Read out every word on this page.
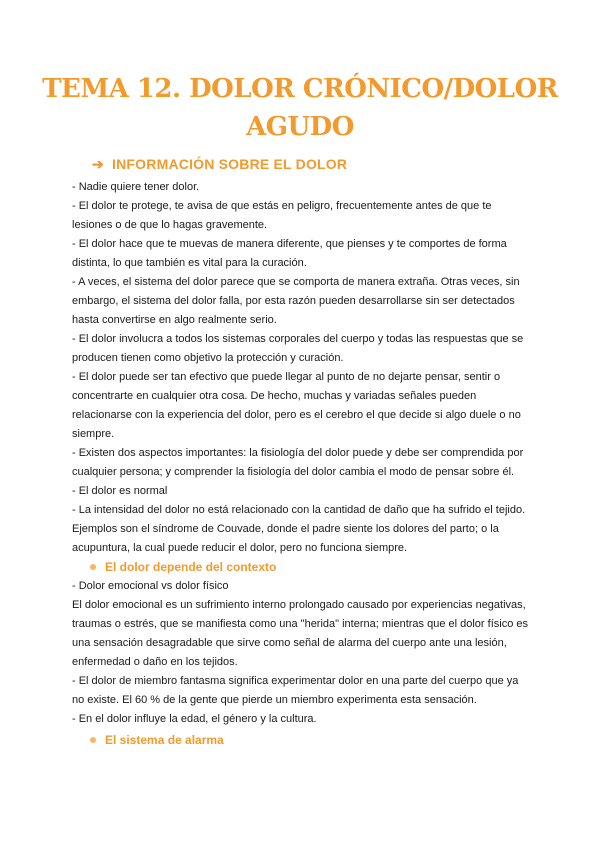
TEMA 12. DOLOR CRÓNICO/DOLOR AGUDO
➔ INFORMACIÓN SOBRE EL DOLOR

- Nadie quiere tener dolor.

- El dolor te protege, te avisa de que estás en peligro, frecuentemente antes de que te lesiones o de que lo hagas gravemente.

- El dolor hace que te muevas de manera diferente, que pienses y te comportes de forma distinta, lo que también es vital para la curación.

- A veces, el sistema del dolor parece que se comporta de manera extraña. Otras veces, sin embargo, el sistema del dolor falla, por esta razón pueden desarrollarse sin ser detectados hasta convertirse en algo realmente serio.

- El dolor involucra a todos los sistemas corporales del cuerpo y todas las respuestas que se producen tienen como objetivo la protección y curación.

- El dolor puede ser tan efectivo que puede llegar al punto de no dejarte pensar, sentir o concentrarte en cualquier otra cosa. De hecho, muchas y variadas señales pueden relacionarse con la experiencia del dolor, pero es el cerebro el que decide si algo duele o no siempre.

- Existen dos aspectos importantes: la fisiología del dolor puede y debe ser comprendida por cualquier persona; y comprender la fisiología del dolor cambia el modo de pensar sobre él.

- El dolor es normal

- La intensidad del dolor no está relacionado con la cantidad de daño que ha sufrido el tejido. Ejemplos son el síndrome de Couvade, donde el padre siente los dolores del parto; o la acupuntura, la cual puede reducir el dolor, pero no funciona siempre.

El dolor depende del contexto

- Dolor emocional vs dolor físico

El dolor emocional es un sufrimiento interno prolongado causado por experiencias negativas, traumas o estrés, que se manifiesta como una "herida" interna; mientras que el dolor físico es una sensación desagradable que sirve como señal de alarma del cuerpo ante una lesión, enfermedad o daño en los tejidos.

- El dolor de miembro fantasma significa experimentar dolor en una parte del cuerpo que ya no existe. El 60 % de la gente que pierde un miembro experimenta esta sensación.

- En el dolor influye la edad, el género y la cultura.

El sistema de alarma
